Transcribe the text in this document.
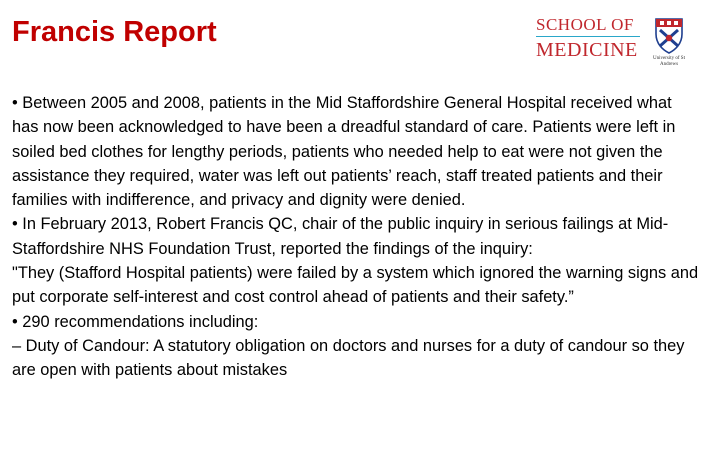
Francis Report	SCHOOL OF
MEDICINE	University of St Andrews

• Between 2005 and 2008, patients in the Mid Staffordshire General Hospital received what has now been acknowledged to have been a dreadful standard of care. Patients were left in soiled bed clothes for lengthy periods, patients who needed help to eat were not given the assistance they required, water was left out patients’ reach, staff treated patients and their families with indifference, and privacy and dignity were denied.

• In February 2013, Robert Francis QC, chair of the public inquiry in serious failings at Mid-Staffordshire NHS Foundation Trust, reported the findings of the inquiry:

"They (Stafford Hospital patients) were failed by a system which ignored the warning signs and put corporate self-interest and cost control ahead of patients and their safety.”

• 290 recommendations including:

– Duty of Candour: A statutory obligation on doctors and nurses for a duty of candour so they are open with patients about mistakes
